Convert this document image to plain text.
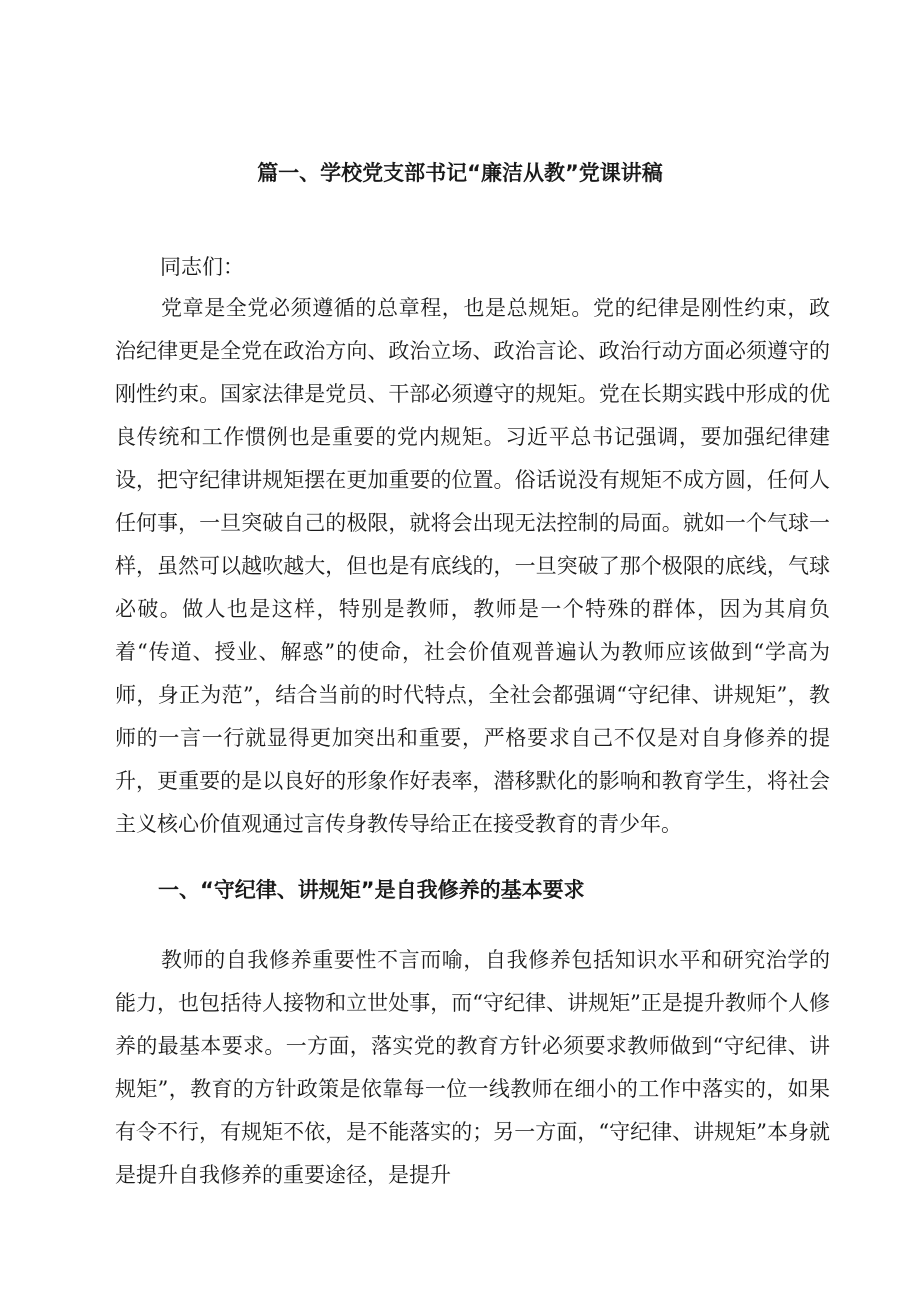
篇一、学校党支部书记“廉洁从教”党课讲稿

同志们：

党章是全党必须遵循的总章程，也是总规矩。党的纪律是刚性约束，政治纪律更是全党在政治方向、政治立场、政治言论、政治行动方面必须遵守的刚性约束。国家法律是党员、干部必须遵守的规矩。党在长期实践中形成的优良传统和工作惯例也是重要的党内规矩。习近平总书记强调，要加强纪律建设，把守纪律讲规矩摆在更加重要的位置。俗话说没有规矩不成方圆，任何人任何事，一旦突破自己的极限，就将会出现无法控制的局面。就如一个气球一样，虽然可以越吹越大，但也是有底线的，一旦突破了那个极限的底线，气球必破。做人也是这样，特别是教师，教师是一个特殊的群体，因为其肩负着“传道、授业、解惑”的使命，社会价值观普遍认为教师应该做到“学高为师，身正为范”，结合当前的时代特点，全社会都强调“守纪律、讲规矩”，教师的一言一行就显得更加突出和重要，严格要求自己不仅是对自身修养的提升，更重要的是以良好的形象作好表率，潜移默化的影响和教育学生，将社会主义核心价值观通过言传身教传导给正在接受教育的青少年。

一、“守纪律、讲规矩”是自我修养的基本要求

教师的自我修养重要性不言而喻，自我修养包括知识水平和研究治学的能力，也包括待人接物和立世处事，而“守纪律、讲规矩”正是提升教师个人修养的最基本要求。一方面，落实党的教育方针必须要求教师做到“守纪律、讲规矩”，教育的方针政策是依靠每一位一线教师在细小的工作中落实的，如果有令不行，有规矩不依，是不能落实的；另一方面，“守纪律、讲规矩”本身就是提升自我修养的重要途径，是提升
